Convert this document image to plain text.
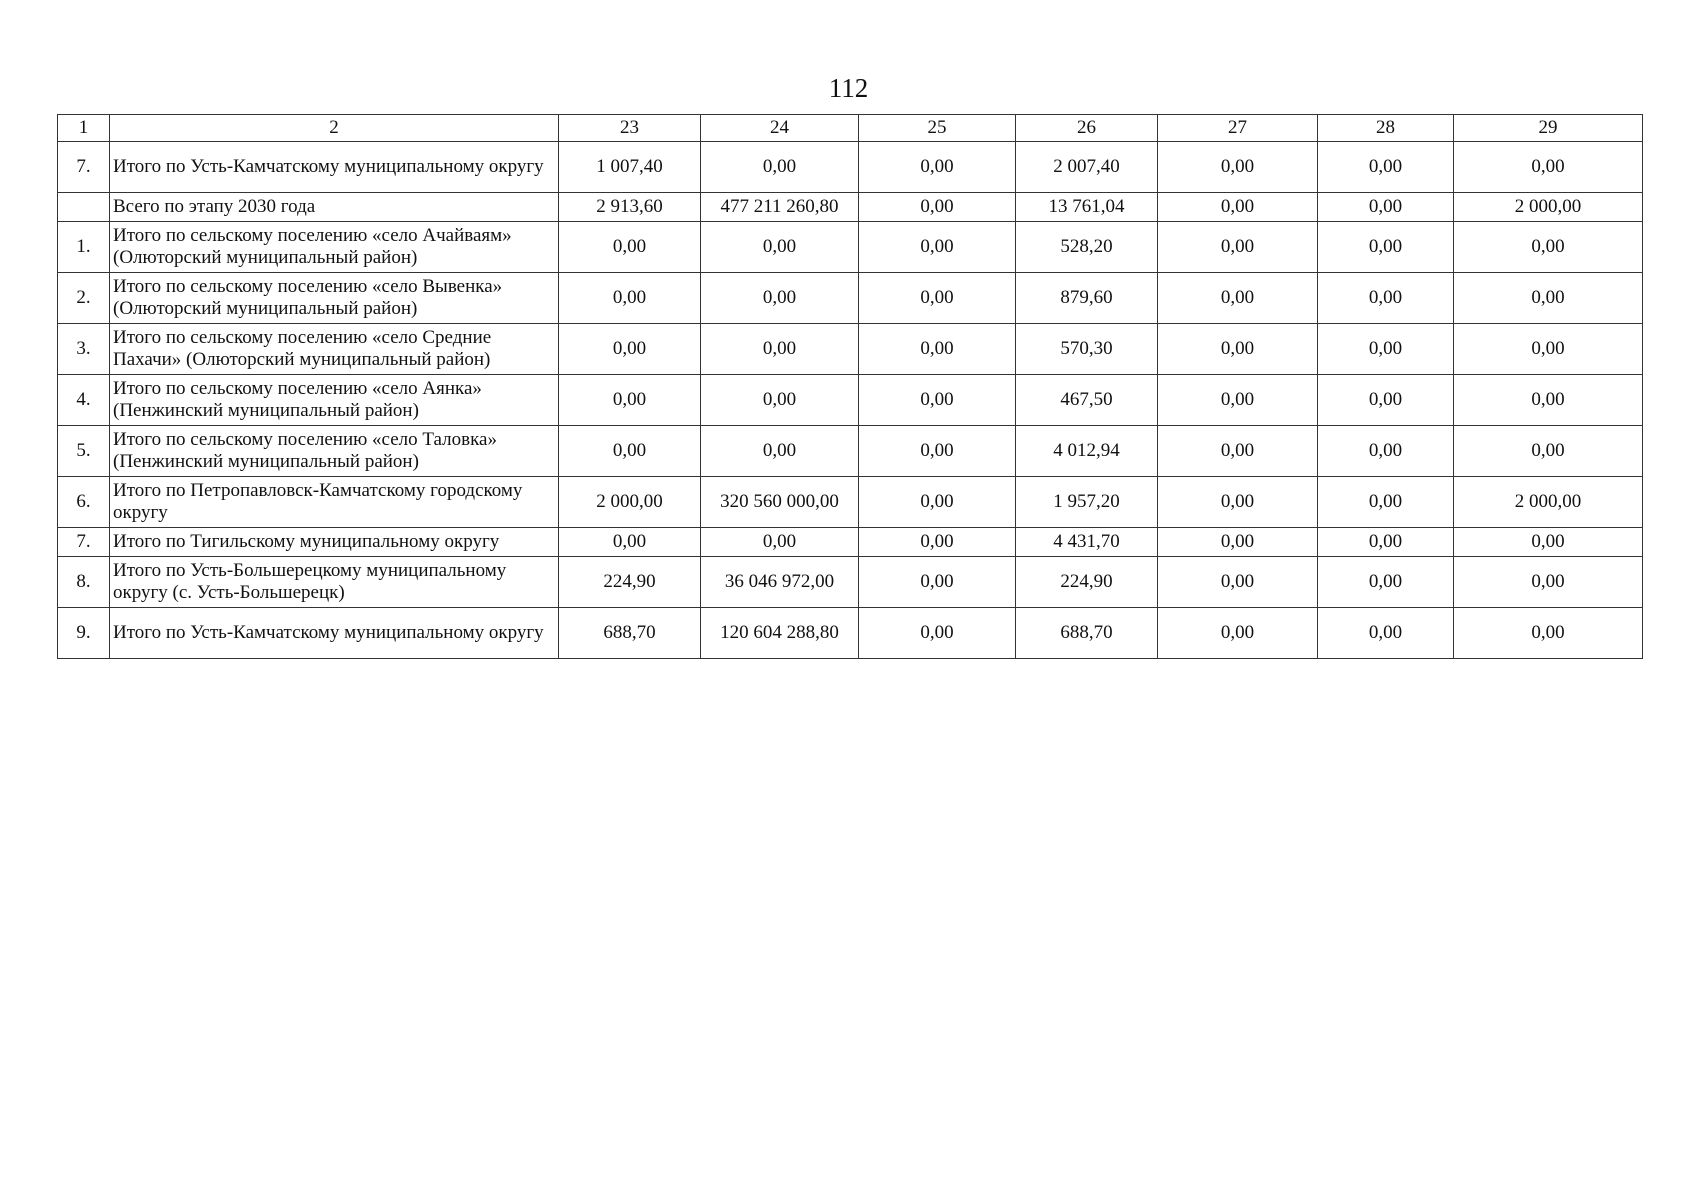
112
1	2	23	24	25	26	27	28	29
7.	Итого по Усть-Камчатскому муниципальному округу	1 007,40	0,00	0,00	2 007,40	0,00	0,00	0,00
	Всего по этапу 2030 года	2 913,60	477 211 260,80	0,00	13 761,04	0,00	0,00	2 000,00
1.	Итого по сельскому поселению «село Ачайваям» (Олюторский муниципальный район)	0,00	0,00	0,00	528,20	0,00	0,00	0,00
2.	Итого по сельскому поселению «село Вывенка» (Олюторский муниципальный район)	0,00	0,00	0,00	879,60	0,00	0,00	0,00
3.	Итого по сельскому поселению «село Средние Пахачи» (Олюторский муниципальный район)	0,00	0,00	0,00	570,30	0,00	0,00	0,00
4.	Итого по сельскому поселению «село Аянка» (Пенжинский муниципальный район)	0,00	0,00	0,00	467,50	0,00	0,00	0,00
5.	Итого по сельскому поселению «село Таловка» (Пенжинский муниципальный район)	0,00	0,00	0,00	4 012,94	0,00	0,00	0,00
6.	Итого по Петропавловск-Камчатскому городскому округу	2 000,00	320 560 000,00	0,00	1 957,20	0,00	0,00	2 000,00
7.	Итого по Тигильскому муниципальному округу	0,00	0,00	0,00	4 431,70	0,00	0,00	0,00
8.	Итого по Усть-Большерецкому муниципальному округу (с. Усть-Большерецк)	224,90	36 046 972,00	0,00	224,90	0,00	0,00	0,00
9.	Итого по Усть-Камчатскому муниципальному округу	688,70	120 604 288,80	0,00	688,70	0,00	0,00	0,00
